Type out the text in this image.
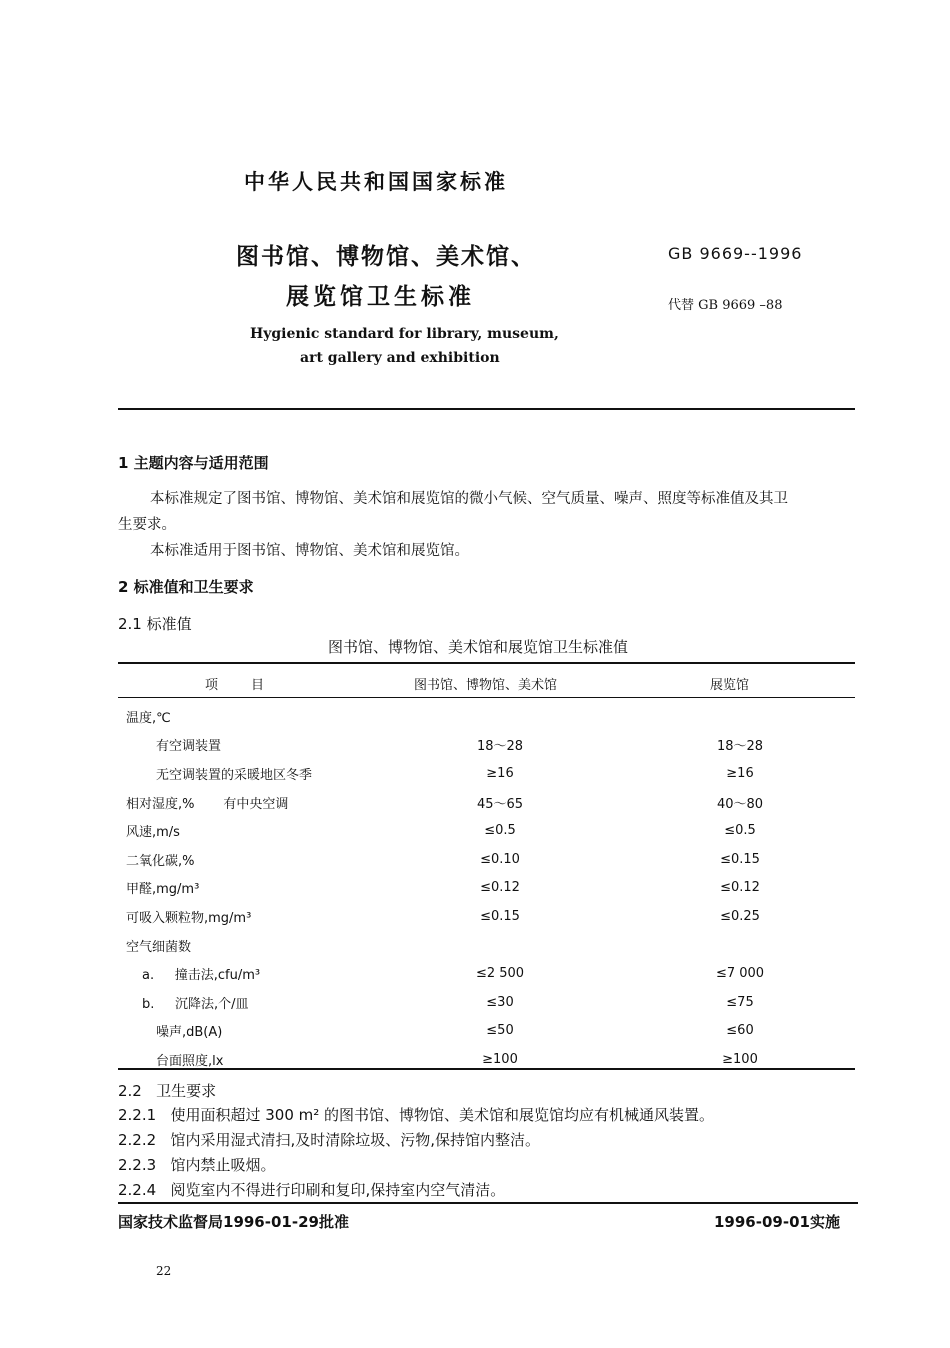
中华人民共和国国家标准
图书馆、博物馆、美术馆、
展览馆卫生标准
GB 9669--1996
代替 GB 9669 –88
Hygienic standard for library, museum,
art gallery and exhibition
1 主题内容与适用范围
本标准规定了图书馆、博物馆、美术馆和展览馆的微小气候、空气质量、噪声、照度等标准值及其卫
生要求。
本标准适用于图书馆、博物馆、美术馆和展览馆。
2 标准值和卫生要求
2.1 标准值
图书馆、博物馆、美术馆和展览馆卫生标准值
项        目	图书馆、博物馆、美术馆	展览馆
温度,℃		
有空调装置	18～28	18～28
无空调装置的采暖地区冬季	≥16	≥16
相对湿度,%       有中央空调	45～65	40～80
风速,m/s	≤0.5	≤0.5
二氧化碳,%	≤0.10	≤0.15
甲醛,mg/m³	≤0.12	≤0.12
可吸入颗粒物,mg/m³	≤0.15	≤0.25
空气细菌数		
a.     撞击法,cfu/m³	≤2 500	≤7 000
b.     沉降法,个/皿	≤30	≤75
噪声,dB(A)	≤50	≤60
台面照度,lx	≥100	≥100
2.2   卫生要求
2.2.1   使用面积超过 300 m² 的图书馆、博物馆、美术馆和展览馆均应有机械通风装置。
2.2.2   馆内采用湿式清扫,及时清除垃圾、污物,保持馆内整洁。
2.2.3   馆内禁止吸烟。
2.2.4   阅览室内不得进行印刷和复印,保持室内空气清洁。
国家技术监督局1996-01-29批准	1996-09-01实施
22
